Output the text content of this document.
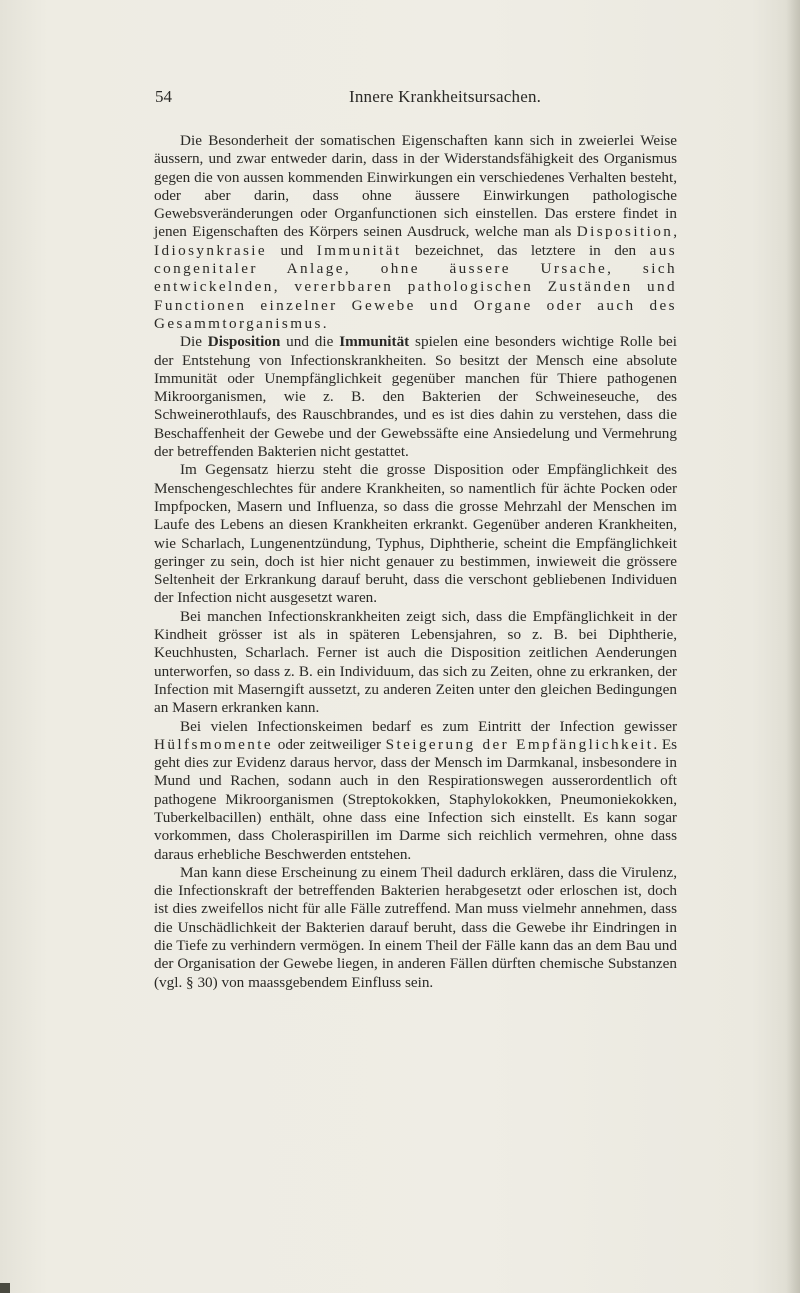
54	Innere Krankheitsursachen.

Die Besonderheit der somatischen Eigenschaften kann sich in zweierlei Weise äussern, und zwar entweder darin, dass in der Widerstandsfähigkeit des Organismus gegen die von aussen kommenden Einwirkungen ein verschiedenes Verhalten besteht, oder aber darin, dass ohne äussere Einwirkungen pathologische Gewebsveränderungen oder Organfunctionen sich einstellen. Das erstere findet in jenen Eigenschaften des Körpers seinen Ausdruck, welche man als Disposition, Idiosynkrasie und Immunität bezeichnet, das letztere in den aus congenitaler Anlage, ohne äussere Ursache, sich entwickelnden, vererbbaren pathologischen Zuständen und Functionen einzelner Gewebe und Organe oder auch des Gesammtorganismus.

Die Disposition und die Immunität spielen eine besonders wichtige Rolle bei der Entstehung von Infectionskrankheiten. So besitzt der Mensch eine absolute Immunität oder Unempfänglichkeit gegenüber manchen für Thiere pathogenen Mikroorganismen, wie z. B. den Bakterien der Schweineseuche, des Schweinerothlaufs, des Rauschbrandes, und es ist dies dahin zu verstehen, dass die Beschaffenheit der Gewebe und der Gewebssäfte eine Ansiedelung und Vermehrung der betreffenden Bakterien nicht gestattet.

Im Gegensatz hierzu steht die grosse Disposition oder Empfänglichkeit des Menschengeschlechtes für andere Krankheiten, so namentlich für ächte Pocken oder Impfpocken, Masern und Influenza, so dass die grosse Mehrzahl der Menschen im Laufe des Lebens an diesen Krankheiten erkrankt. Gegenüber anderen Krankheiten, wie Scharlach, Lungenentzündung, Typhus, Diphtherie, scheint die Empfänglichkeit geringer zu sein, doch ist hier nicht genauer zu bestimmen, inwieweit die grössere Seltenheit der Erkrankung darauf beruht, dass die verschont gebliebenen Individuen der Infection nicht ausgesetzt waren.

Bei manchen Infectionskrankheiten zeigt sich, dass die Empfänglichkeit in der Kindheit grösser ist als in späteren Lebensjahren, so z. B. bei Diphtherie, Keuchhusten, Scharlach. Ferner ist auch die Disposition zeitlichen Aenderungen unterworfen, so dass z. B. ein Individuum, das sich zu Zeiten, ohne zu erkranken, der Infection mit Maserngift aussetzt, zu anderen Zeiten unter den gleichen Bedingungen an Masern erkranken kann.

Bei vielen Infectionskeimen bedarf es zum Eintritt der Infection gewisser Hülfsmomente oder zeitweiliger Steigerung der Empfänglichkeit. Es geht dies zur Evidenz daraus hervor, dass der Mensch im Darmkanal, insbesondere in Mund und Rachen, sodann auch in den Respirationswegen ausserordentlich oft pathogene Mikroorganismen (Streptokokken, Staphylokokken, Pneumoniekokken, Tuberkelbacillen) enthält, ohne dass eine Infection sich einstellt. Es kann sogar vorkommen, dass Choleraspirillen im Darme sich reichlich vermehren, ohne dass daraus erhebliche Beschwerden entstehen.

Man kann diese Erscheinung zu einem Theil dadurch erklären, dass die Virulenz, die Infectionskraft der betreffenden Bakterien herabgesetzt oder erloschen ist, doch ist dies zweifellos nicht für alle Fälle zutreffend. Man muss vielmehr annehmen, dass die Unschädlichkeit der Bakterien darauf beruht, dass die Gewebe ihr Eindringen in die Tiefe zu verhindern vermögen. In einem Theil der Fälle kann das an dem Bau und der Organisation der Gewebe liegen, in anderen Fällen dürften chemische Substanzen (vgl. § 30) von maassgebendem Einfluss sein.
